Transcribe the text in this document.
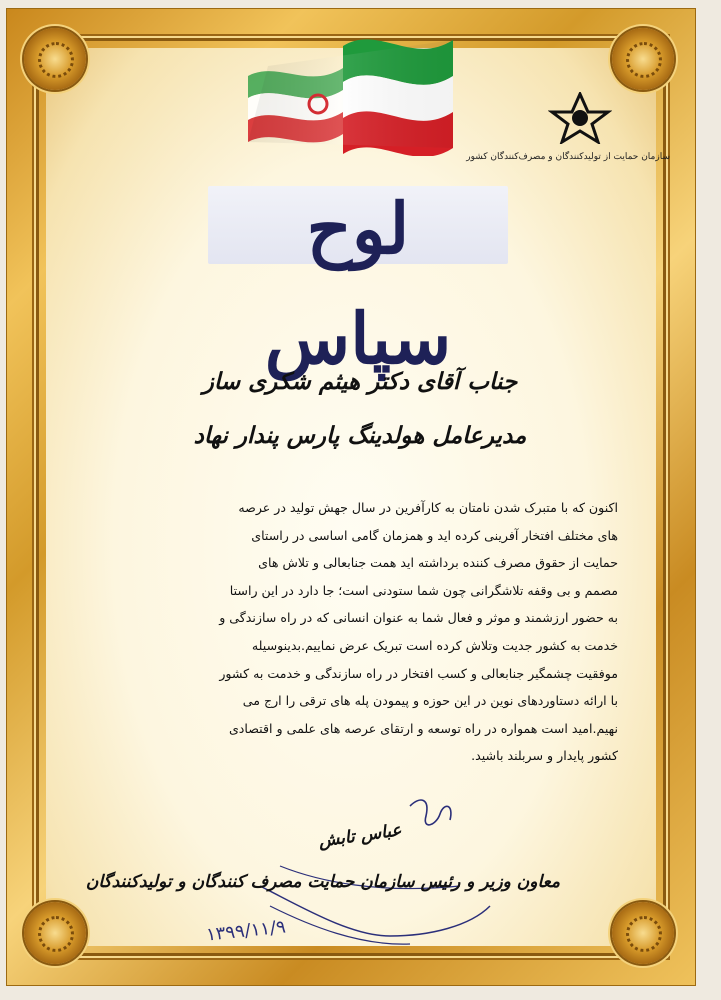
سازمان حمایت از تولیدکنندگان و مصرف‌کنندگان کشور
لوح سپاس
جناب آقای دکتر هیثم شکری ساز
مدیرعامل هولدینگ پارس پندار نهاد

اکنون که با متبرک شدن نامتان به کارآفرین در سال جهش تولید در عرصه

های مختلف افتخار آفرینی کرده اید و همزمان گامی اساسی در راستای

حمایت از حقوق مصرف کننده برداشته اید همت جنابعالی و تلاش های

مصمم و بی وقفه تلاشگرانی چون شما ستودنی است؛ جا دارد در این راستا

به حضور ارزشمند و موثر و فعال شما به عنوان انسانی که در راه سازندگی و

خدمت به کشور جدیت وتلاش کرده است تبریک عرض نماییم.بدینوسیله

موفقیت چشمگیر جنابعالی و کسب افتخار در راه سازندگی و خدمت به کشور

با ارائه دستاوردهای نوین در این حوزه و پیمودن پله های ترقی را ارج می

نهیم.امید است همواره در راه توسعه و ارتقای عرصه های علمی و اقتصادی

کشور پایدار و سربلند باشید.

عباس تابش
معاون وزیر و رئیس سازمان حمایت مصرف کنندگان و تولیدکنندگان
۱۳۹۹/۱۱/۹
